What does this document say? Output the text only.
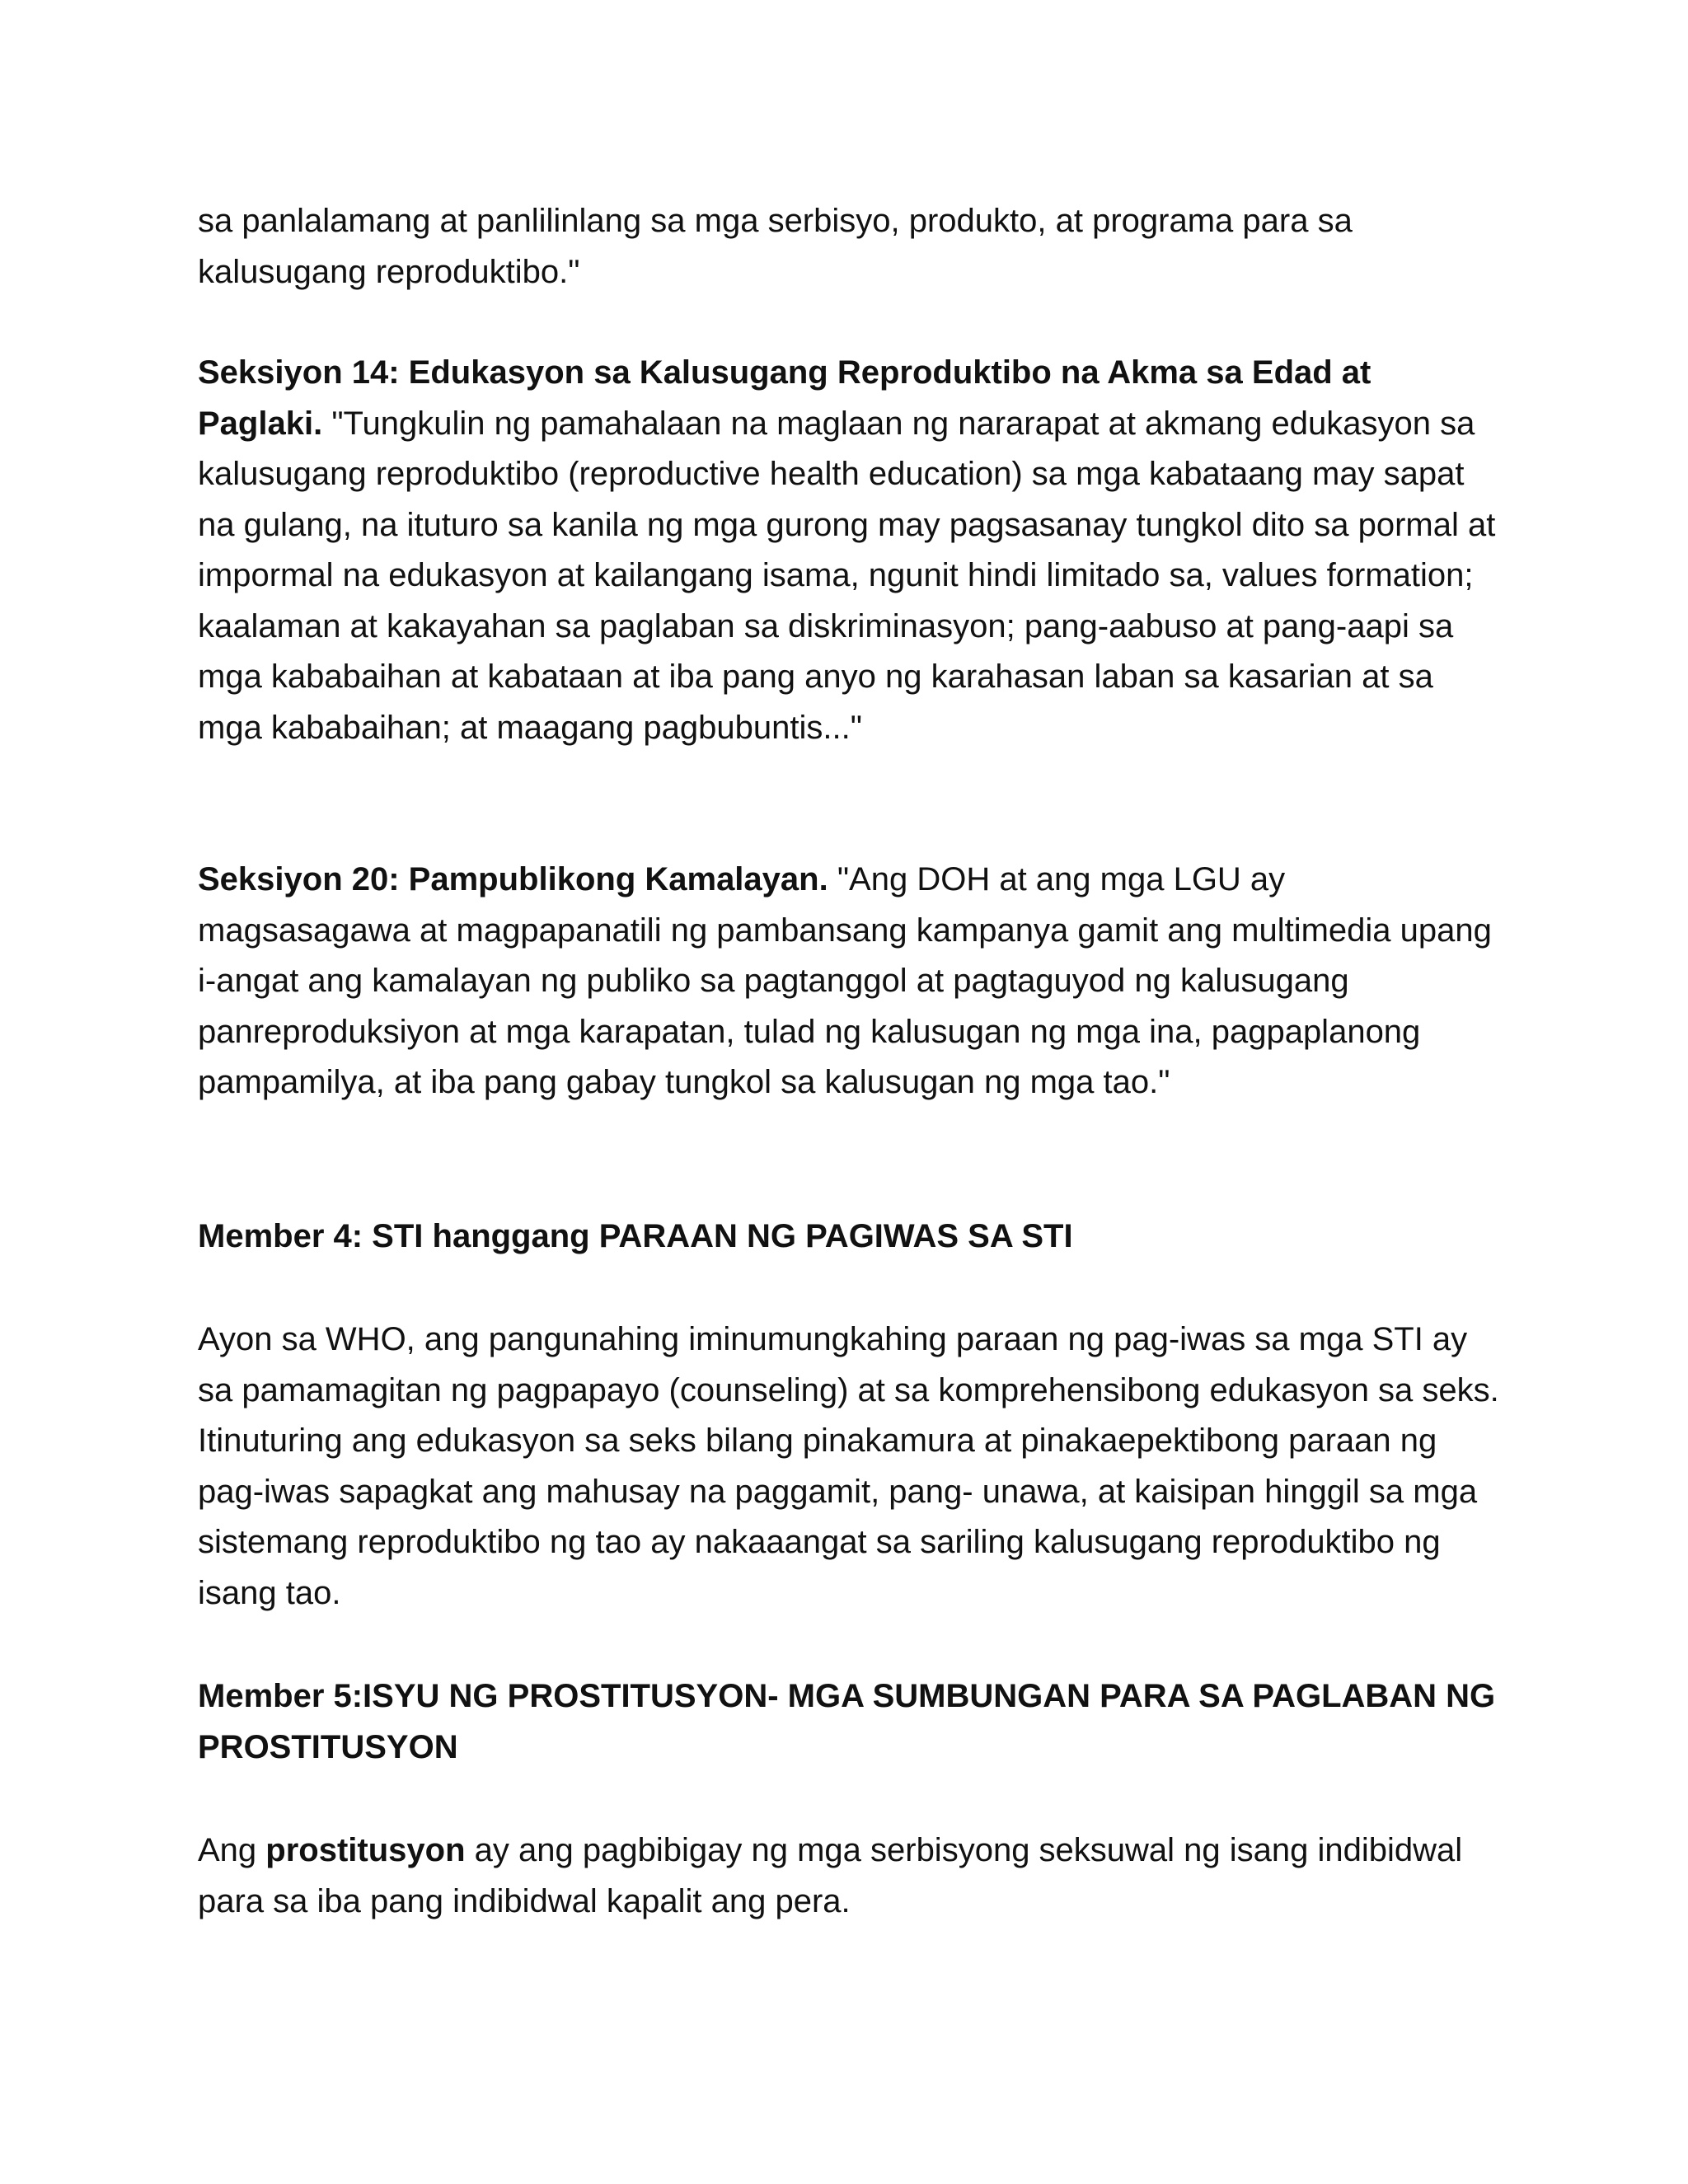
sa panlalamang at panlilinlang sa mga serbisyo, produkto, at programa para sa
kalusugang reproduktibo."

Seksiyon 14: Edukasyon sa Kalusugang Reproduktibo na Akma sa Edad at Paglaki. "Tungkulin ng pamahalaan na maglaan ng nararapat at akmang edukasyon sa kalusugang reproduktibo (reproductive health education) sa mga kabataang may sapat na gulang, na ituturo sa kanila ng mga gurong may pagsasanay tungkol dito sa pormal at impormal na edukasyon at kailangang isama, ngunit hindi limitado sa, values formation; kaalaman at kakayahan sa paglaban sa diskriminasyon; pang-aabuso at pang-aapi sa mga kababaihan at kabataan at iba pang anyo ng karahasan laban sa kasarian at sa mga kababaihan; at maagang pagbubuntis..."

Seksiyon 20: Pampublikong Kamalayan. "Ang DOH at ang mga LGU ay magsasagawa at magpapanatili ng pambansang kampanya gamit ang multimedia upang i-angat ang kamalayan ng publiko sa pagtanggol at pagtaguyod ng kalusugang panreproduksiyon at mga karapatan, tulad ng kalusugan ng mga ina, pagpaplanong pampamilya, at iba pang gabay tungkol sa kalusugan ng mga tao."

Member 4: STI hanggang PARAAN NG PAGIWAS SA STI

Ayon sa WHO, ang pangunahing iminumungkahing paraan ng pag-iwas sa mga STI ay sa pamamagitan ng pagpapayo (counseling) at sa komprehensibong edukasyon sa seks. Itinuturing ang edukasyon sa seks bilang pinakamura at pinakaepektibong paraan ng pag-iwas sapagkat ang mahusay na paggamit, pang- unawa, at kaisipan hinggil sa mga sistemang reproduktibo ng tao ay nakaaangat sa sariling kalusugang reproduktibo ng isang tao.

Member 5:ISYU NG PROSTITUSYON- MGA SUMBUNGAN PARA SA PAGLABAN NG PROSTITUSYON

Ang prostitusyon ay ang pagbibigay ng mga serbisyong seksuwal ng isang indibidwal para sa iba pang indibidwal kapalit ang pera.
